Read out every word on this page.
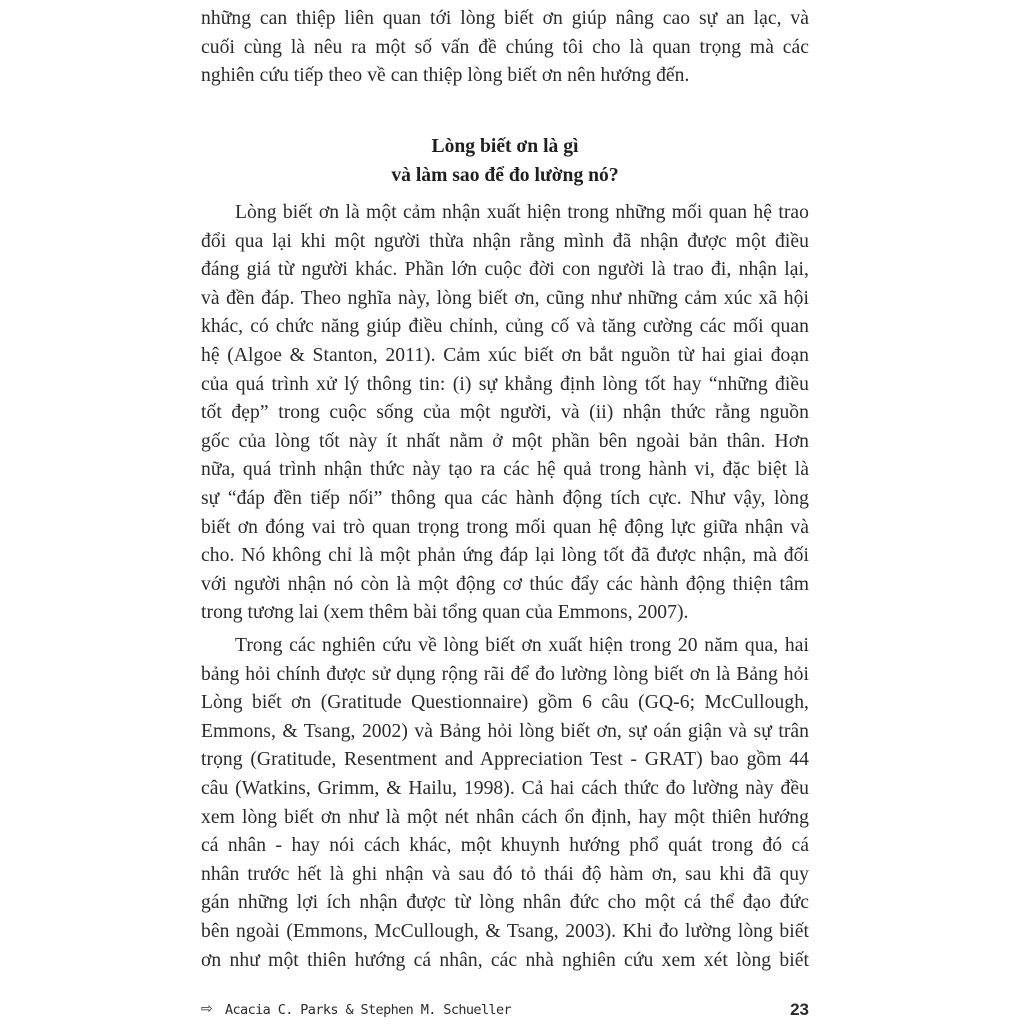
những can thiệp liên quan tới lòng biết ơn giúp nâng cao sự an lạc, và
cuối cùng là nêu ra một số vấn đề chúng tôi cho là quan trọng mà các
nghiên cứu tiếp theo về can thiệp lòng biết ơn nên hướng đến.
Lòng biết ơn là gì
và làm sao để đo lường nó?
Lòng biết ơn là một cảm nhận xuất hiện trong những mối quan hệ trao
đổi qua lại khi một người thừa nhận rằng mình đã nhận được một điều
đáng giá từ người khác. Phần lớn cuộc đời con người là trao đi, nhận lại,
và đền đáp. Theo nghĩa này, lòng biết ơn, cũng như những cảm xúc xã hội
khác, có chức năng giúp điều chỉnh, củng cố và tăng cường các mối quan
hệ (Algoe & Stanton, 2011). Cảm xúc biết ơn bắt nguồn từ hai giai đoạn
của quá trình xử lý thông tin: (i) sự khẳng định lòng tốt hay “những điều
tốt đẹp” trong cuộc sống của một người, và (ii) nhận thức rằng nguồn
gốc của lòng tốt này ít nhất nằm ở một phần bên ngoài bản thân. Hơn
nữa, quá trình nhận thức này tạo ra các hệ quả trong hành vi, đặc biệt là
sự “đáp đền tiếp nối” thông qua các hành động tích cực. Như vậy, lòng
biết ơn đóng vai trò quan trọng trong mối quan hệ động lực giữa nhận và
cho. Nó không chỉ là một phản ứng đáp lại lòng tốt đã được nhận, mà đối
với người nhận nó còn là một động cơ thúc đẩy các hành động thiện tâm
trong tương lai (xem thêm bài tổng quan của Emmons, 2007).
Trong các nghiên cứu về lòng biết ơn xuất hiện trong 20 năm qua, hai
bảng hỏi chính được sử dụng rộng rãi để đo lường lòng biết ơn là Bảng hỏi
Lòng biết ơn (Gratitude Questionnaire) gồm 6 câu (GQ-6; McCullough,
Emmons, & Tsang, 2002) và Bảng hỏi lòng biết ơn, sự oán giận và sự trân
trọng (Gratitude, Resentment and Appreciation Test - GRAT) bao gồm 44
câu (Watkins, Grimm, & Hailu, 1998). Cả hai cách thức đo lường này đều
xem lòng biết ơn như là một nét nhân cách ổn định, hay một thiên hướng
cá nhân - hay nói cách khác, một khuynh hướng phổ quát trong đó cá
nhân trước hết là ghi nhận và sau đó tỏ thái độ hàm ơn, sau khi đã quy
gán những lợi ích nhận được từ lòng nhân đức cho một cá thể đạo đức
bên ngoài (Emmons, McCullough, & Tsang, 2003). Khi đo lường lòng biết
ơn như một thiên hướng cá nhân, các nhà nghiên cứu xem xét lòng biết
⇨ Acacia C. Parks & Stephen M. Schueller	23
